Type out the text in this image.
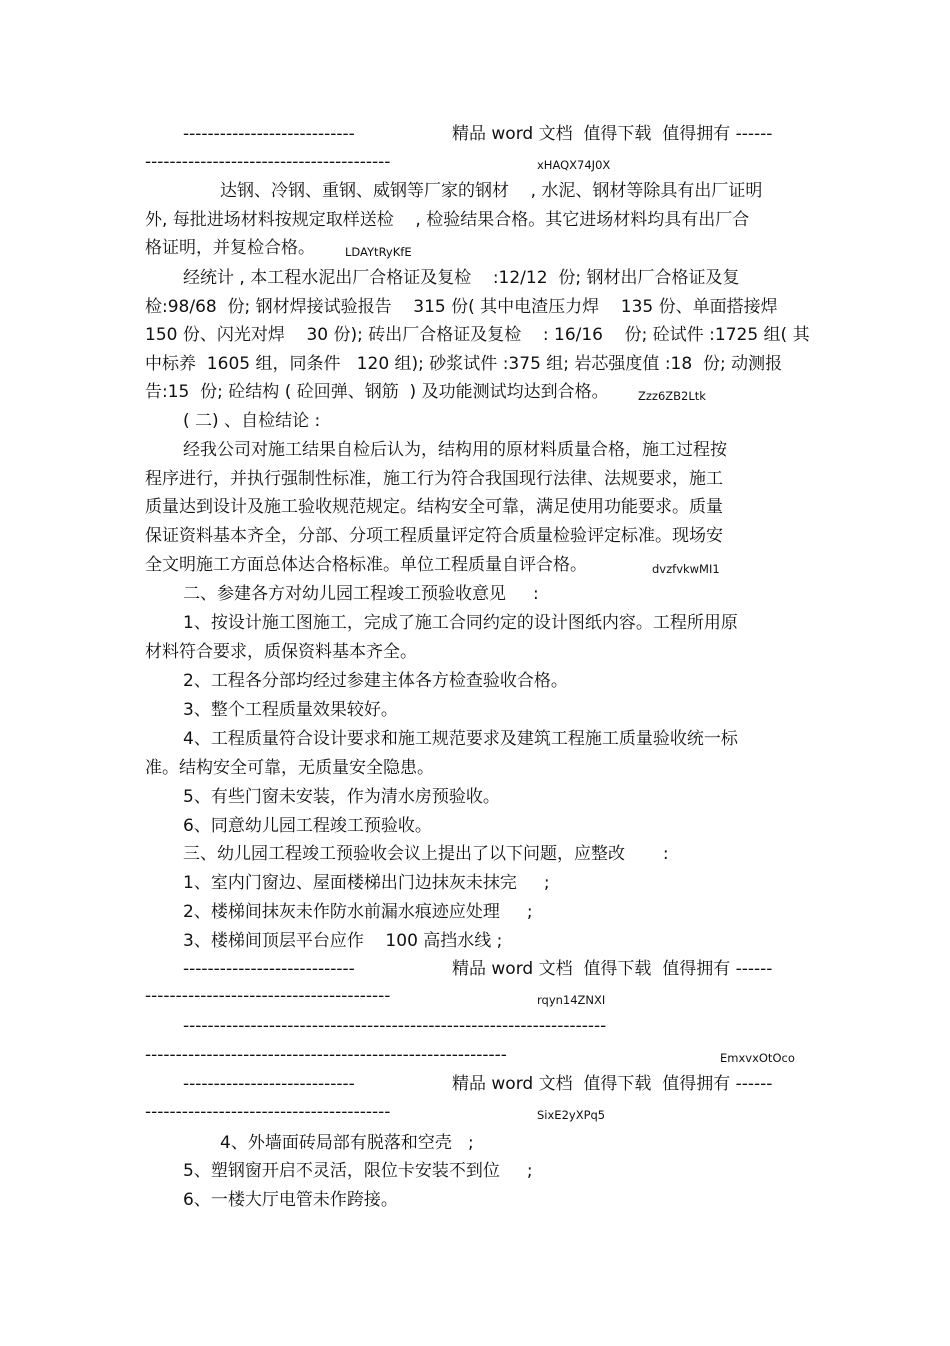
----------------------------	精品 word 文档  值得下载  值得拥有 ------
----------------------------------------	xHAQX74J0X
达钢、冷钢、重钢、威钢等厂家的钢材    , 水泥、钢材等除具有出厂证明
外, 每批进场材料按规定取样送检    , 检验结果合格。其它进场材料均具有出厂合
格证明，并复检合格。	LDAYtRyKfE
经统计 , 本工程水泥出厂合格证及复检    :12/12  份; 钢材出厂合格证及复
检:98/68  份; 钢材焊接试验报告    315 份( 其中电渣压力焊    135 份、单面搭接焊
150 份、闪光对焊    30 份); 砖出厂合格证及复检    : 16/16    份; 砼试件 :1725 组( 其
中标养  1605 组，同条件   120 组); 砂浆试件 :375 组; 岩芯强度值 :18  份; 动测报
告:15  份; 砼结构 ( 砼回弹、钢筋  ) 及功能测试均达到合格。	Zzz6ZB2Ltk
( 二) 、自检结论 :
经我公司对施工结果自检后认为，结构用的原材料质量合格，施工过程按
程序进行，并执行强制性标准，施工行为符合我国现行法律、法规要求，施工
质量达到设计及施工验收规范规定。结构安全可靠，满足使用功能要求。质量
保证资料基本齐全，分部、分项工程质量评定符合质量检验评定标准。现场安
全文明施工方面总体达合格标准。单位工程质量自评合格。	dvzfvkwMI1
二、参建各方对幼儿园工程竣工预验收意见     :
1、按设计施工图施工，完成了施工合同约定的设计图纸内容。工程所用原
材料符合要求，质保资料基本齐全。
2、工程各分部均经过参建主体各方检查验收合格。
3、整个工程质量效果较好。
4、工程质量符合设计要求和施工规范要求及建筑工程施工质量验收统一标
准。结构安全可靠，无质量安全隐患。
5、有些门窗未安装，作为清水房预验收。
6、同意幼儿园工程竣工预验收。
三、幼儿园工程竣工预验收会议上提出了以下问题，应整改       :
1、室内门窗边、屋面楼梯出门边抹灰未抹完     ;
2、楼梯间抹灰未作防水前漏水痕迹应处理     ;
3、楼梯间顶层平台应作    100 高挡水线 ;
----------------------------	精品 word 文档  值得下载  值得拥有 ------
----------------------------------------	rqyn14ZNXI
---------------------------------------------------------------------
-----------------------------------------------------------	EmxvxOtOco
----------------------------	精品 word 文档  值得下载  值得拥有 ------
----------------------------------------	SixE2yXPq5
4、外墙面砖局部有脱落和空壳   ;
5、塑钢窗开启不灵活，限位卡安装不到位     ;
6、一楼大厅电管未作跨接。
